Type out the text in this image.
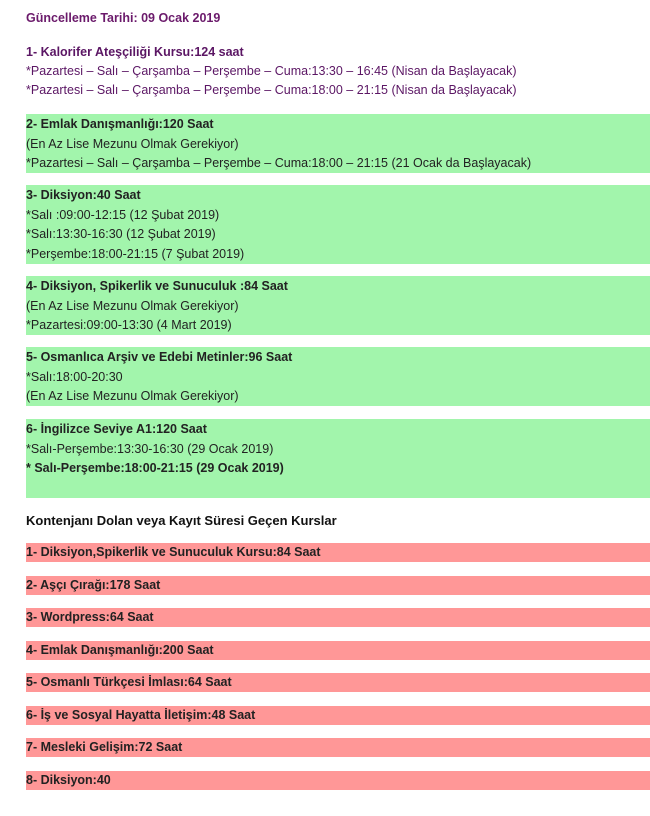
Güncelleme Tarihi: 09 Ocak 2019
1- Kalorifer Ateşçiliği Kursu:124 saat
*Pazartesi – Salı – Çarşamba – Perşembe – Cuma:13:30 – 16:45 (Nisan da Başlayacak)
*Pazartesi – Salı – Çarşamba – Perşembe – Cuma:18:00 – 21:15 (Nisan da Başlayacak)
2- Emlak Danışmanlığı:120 Saat
(En Az Lise Mezunu Olmak Gerekiyor)
*Pazartesi – Salı – Çarşamba – Perşembe – Cuma:18:00 – 21:15 (21 Ocak da Başlayacak)
3- Diksiyon:40 Saat
*Salı :09:00-12:15 (12 Şubat 2019)
*Salı:13:30-16:30 (12 Şubat 2019)
*Perşembe:18:00-21:15 (7 Şubat 2019)
4- Diksiyon, Spikerlik ve Sunuculuk :84 Saat
(En Az Lise Mezunu Olmak Gerekiyor)
*Pazartesi:09:00-13:30 (4 Mart 2019)
5- Osmanlıca Arşiv ve Edebi Metinler:96 Saat
*Salı:18:00-20:30
(En Az Lise Mezunu Olmak Gerekiyor)
6- İngilizce Seviye A1:120 Saat
*Salı-Perşembe:13:30-16:30 (29 Ocak 2019)
* Salı-Perşembe:18:00-21:15 (29 Ocak 2019)
Kontenjanı Dolan veya Kayıt Süresi Geçen Kurslar
1- Diksiyon,Spikerlik ve Sunuculuk Kursu:84 Saat
2- Aşçı Çırağı:178 Saat
3- Wordpress:64 Saat
4- Emlak Danışmanlığı:200 Saat
5- Osmanlı Türkçesi İmlası:64 Saat
6- İş ve Sosyal Hayatta İletişim:48 Saat
7- Mesleki Gelişim:72 Saat
8- Diksiyon:40
